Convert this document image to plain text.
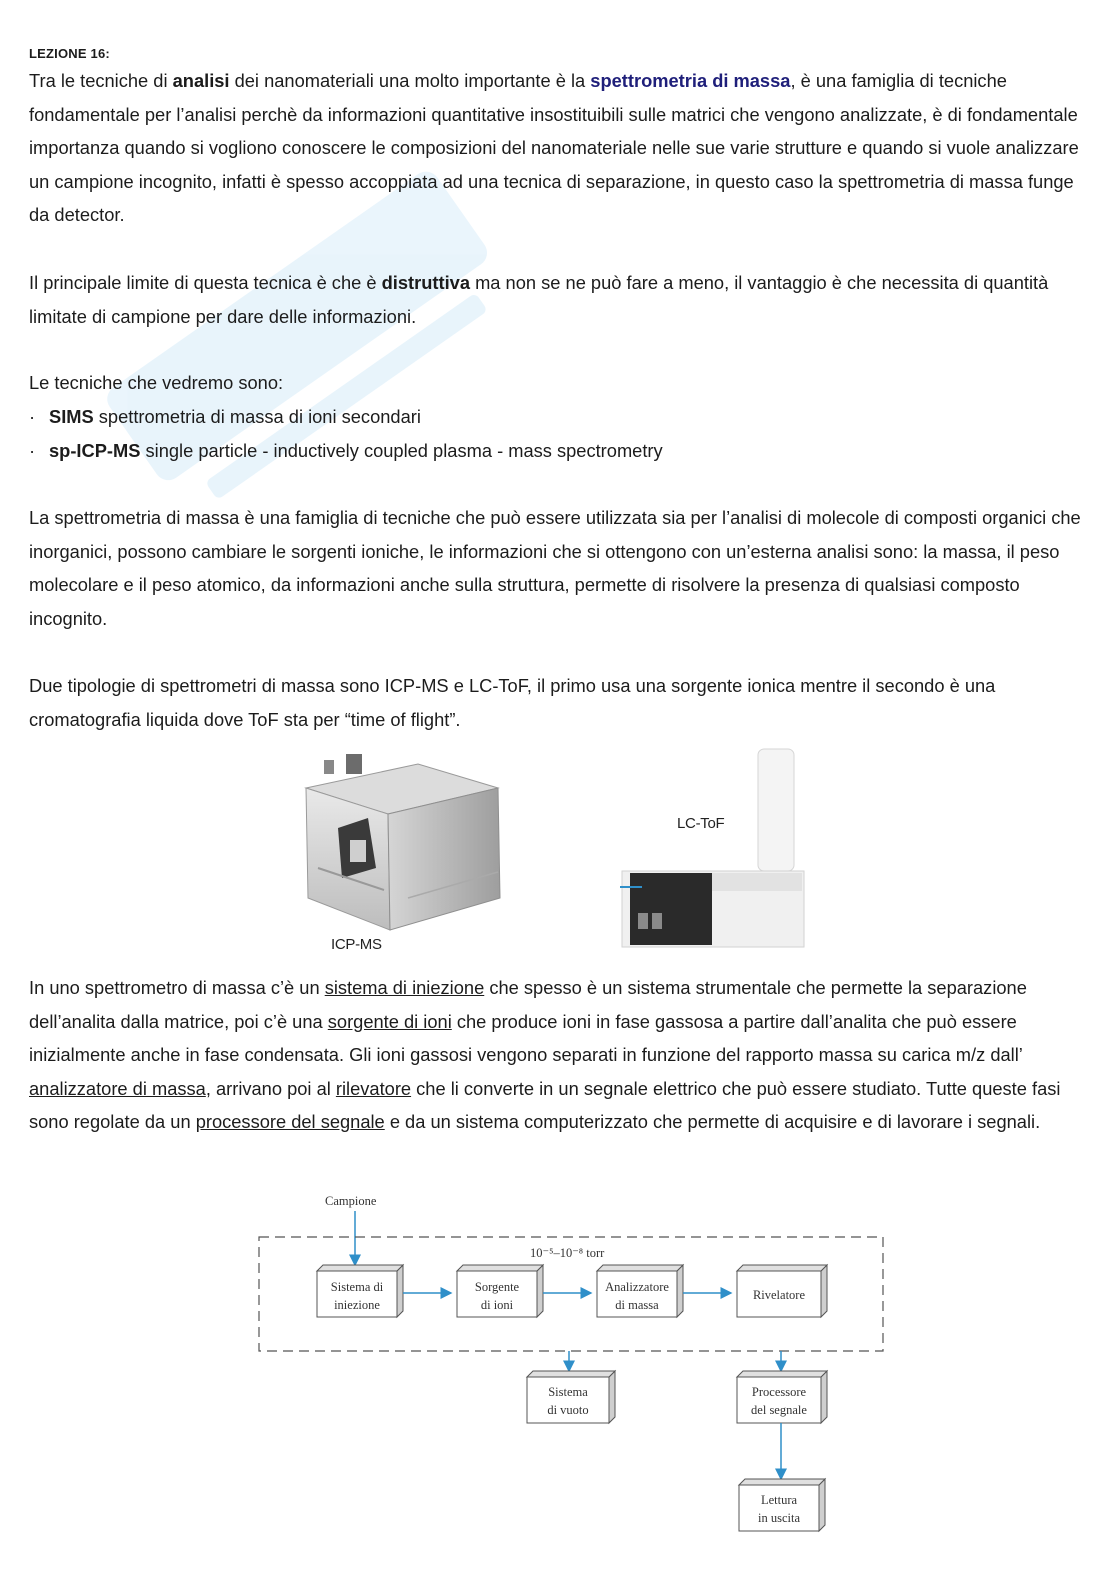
LEZIONE 16:

Tra le tecniche di analisi dei nanomateriali una molto importante è la spettrometria di massa, è una famiglia di tecniche fondamentale per l’analisi perchè da informazioni quantitative insostituibili sulle matrici che vengono analizzate, è di fondamentale importanza quando si vogliono conoscere le composizioni del nanomateriale nelle sue varie strutture e quando si vuole analizzare un campione incognito, infatti è spesso accoppiata ad una tecnica di separazione, in questo caso la spettrometria di massa funge da detector.

Il principale limite di questa tecnica è che è distruttiva ma non se ne può fare a meno, il vantaggio è che necessita di quantità limitate di campione per dare delle informazioni.

Le tecniche che vedremo sono:

· SIMS spettrometria di massa di ioni secondari
· sp-ICP-MS single particle - inductively coupled plasma - mass spectrometry

La spettrometria di massa è una famiglia di tecniche che può essere utilizzata sia per l’analisi di molecole di composti organici che inorganici, possono cambiare le sorgenti ioniche, le informazioni che si ottengono con un’esterna analisi sono: la massa, il peso molecolare e il peso atomico, da informazioni anche sulla struttura, permette di risolvere la presenza di qualsiasi composto incognito.

Due tipologie di spettrometri di massa sono ICP-MS e LC-ToF, il primo usa una sorgente ionica mentre il secondo è una cromatografia liquida dove ToF sta per “time of flight”.

ICP-MS
LC-ToF

In uno spettrometro di massa c’è un sistema di iniezione che spesso è un sistema strumentale che permette la separazione dell’analita dalla matrice, poi c’è una sorgente di ioni che produce ioni in fase gassosa a partire dall’analita che può essere inizialmente anche in fase condensata. Gli ioni gassosi vengono separati in funzione del rapporto massa su carica m/z dall’ analizzatore di massa, arrivano poi al rilevatore che li converte in un segnale elettrico che può essere studiato. Tutte queste fasi sono regolate da un processore del segnale e da un sistema computerizzato che permette di acquisire e di lavorare i segnali.

Campione
10⁻⁵–10⁻⁸ torr
Sistema di
iniezione
Sorgente
di ioni
Analizzatore
di massa
Rivelatore
Sistema
di vuoto
Processore
del segnale
Lettura
in uscita
